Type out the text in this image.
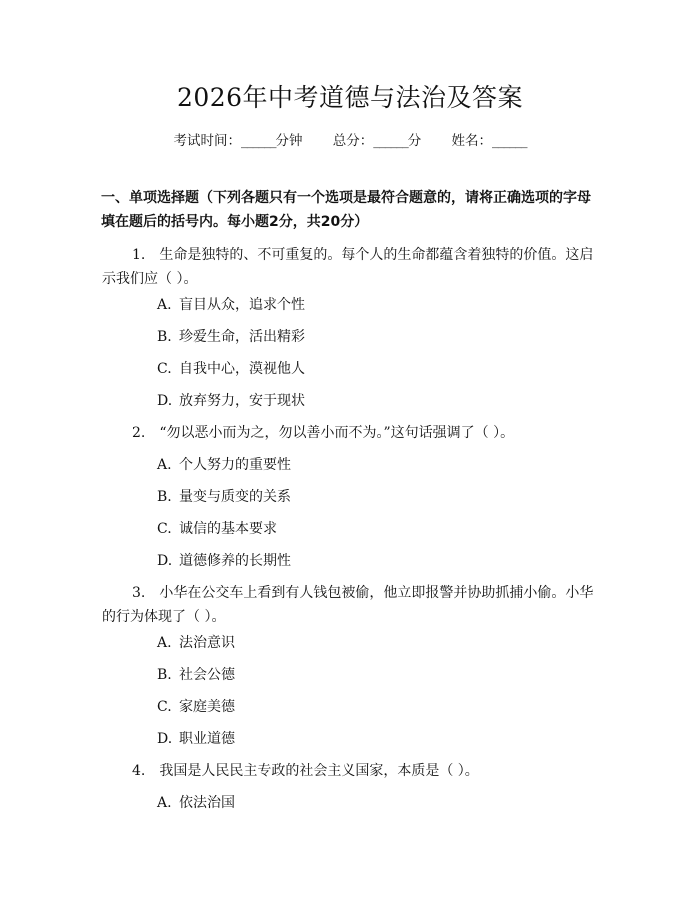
2026年中考道德与法治及答案
考试时间：______分钟 总分：______分 姓名：______
一、单项选择题（下列各题只有一个选项是最符合题意的，请将正确选项的字母填在题后的括号内。每小题2分，共20分）
1. 生命是独特的、不可重复的。每个人的生命都蕴含着独特的价值。这启示我们应（ ）。
A. 盲目从众，追求个性
B. 珍爱生命，活出精彩
C. 自我中心，漠视他人
D. 放弃努力，安于现状
2. “勿以恶小而为之，勿以善小而不为。”这句话强调了（ ）。
A. 个人努力的重要性
B. 量变与质变的关系
C. 诚信的基本要求
D. 道德修养的长期性
3. 小华在公交车上看到有人钱包被偷，他立即报警并协助抓捕小偷。小华的行为体现了（ ）。
A. 法治意识
B. 社会公德
C. 家庭美德
D. 职业道德
4. 我国是人民民主专政的社会主义国家，本质是（ ）。
A. 依法治国
